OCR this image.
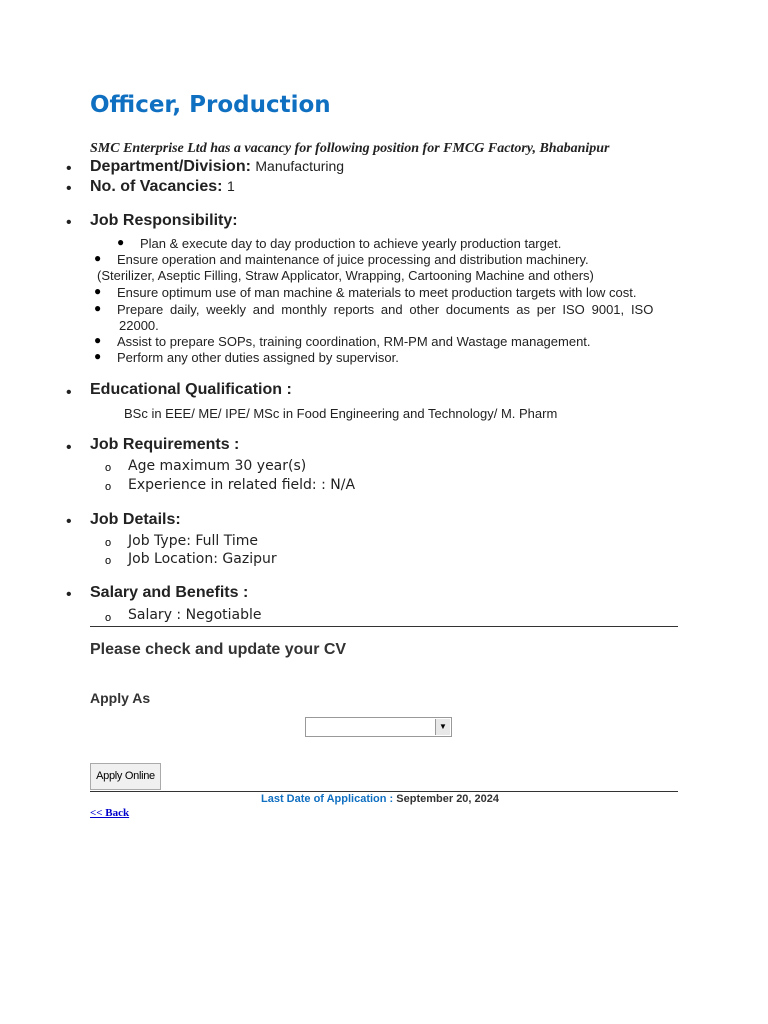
Officer, Production
SMC Enterprise Ltd has a vacancy for following position for FMCG Factory, Bhabanipur
• Department/Division: Manufacturing
• No. of Vacancies: 1
• Job Responsibility:
● Plan & execute day to day production to achieve yearly production target.
● Ensure operation and maintenance of juice processing and distribution machinery.
(Sterilizer, Aseptic Filling, Straw Applicator, Wrapping, Cartooning Machine and others)
● Ensure optimum use of man machine & materials to meet production targets with low cost.
● Prepare daily, weekly and monthly reports and other documents as per ISO 9001, ISO
22000.
● Assist to prepare SOPs, training coordination, RM-PM and Wastage management.
● Perform any other duties assigned by supervisor.
• Educational Qualification :
BSc in EEE/ ME/ IPE/ MSc in Food Engineering and Technology/ M. Pharm
• Job Requirements :
o Age maximum 30 year(s)
o Experience in related field: : N/A
• Job Details:
o Job Type: Full Time
o Job Location: Gazipur
• Salary and Benefits :
o Salary : Negotiable
Please check and update your CV
Apply As
▼
Apply Online
Last Date of Application : September 20, 2024
<< Back
